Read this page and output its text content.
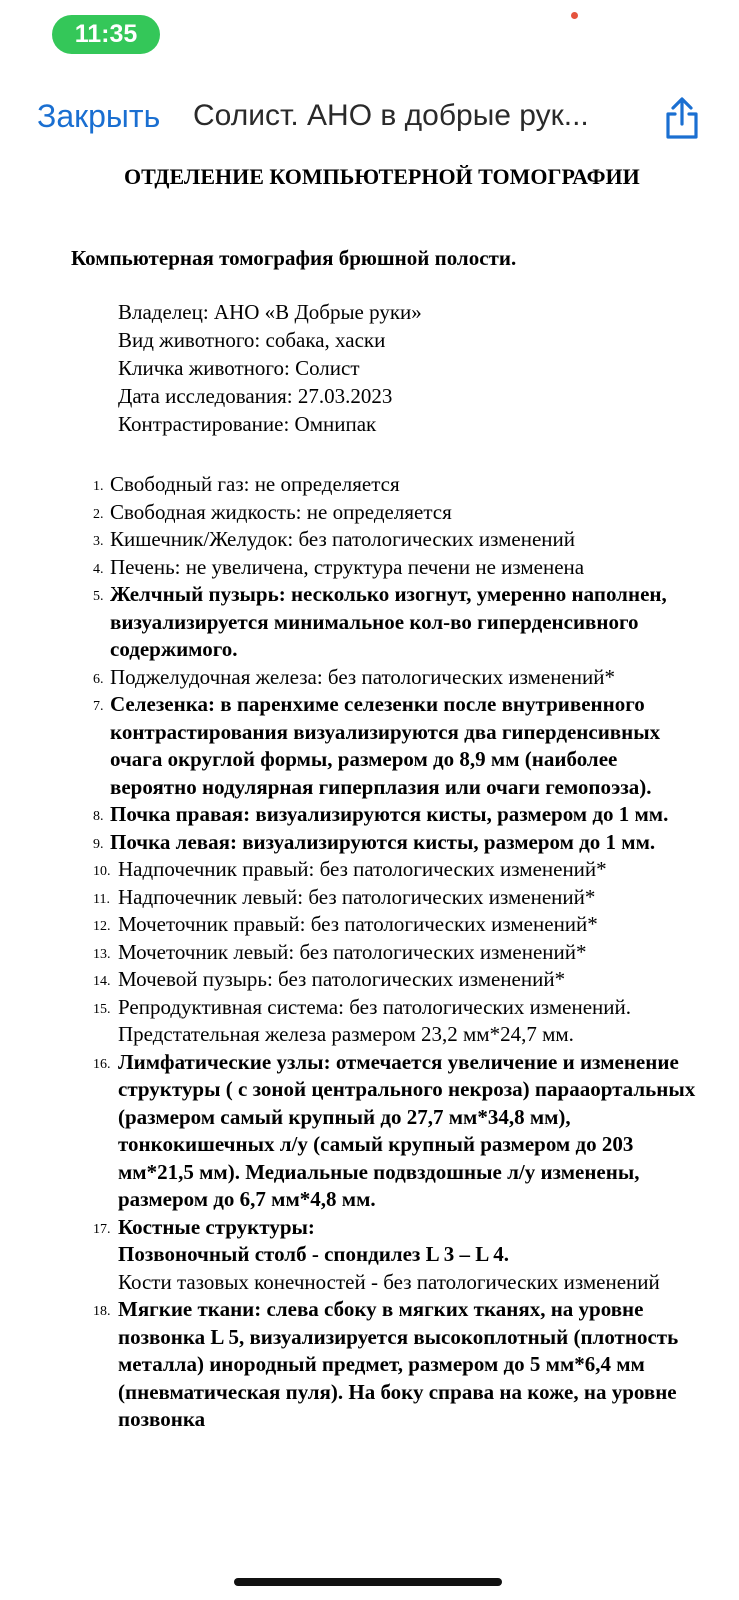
11:35
Закрыть Солист. АНО в добрые рук...
ОТДЕЛЕНИЕ КОМПЬЮТЕРНОЙ ТОМОГРАФИИ
Компьютерная томография брюшной полости.
Владелец: АНО «В Добрые руки»
Вид животного: собака, хаски
Кличка животного: Солист
Дата исследования: 27.03.2023
Контрастирование: Омнипак
1. Свободный газ: не определяется
2. Свободная жидкость: не определяется
3. Кишечник/Желудок: без патологических изменений
4. Печень: не увеличена, структура печени не изменена
5. Желчный пузырь: несколько изогнут, умеренно наполнен, визуализируется минимальное кол-во гиперденсивного содержимого.
6. Поджелудочная железа: без патологических изменений*
7. Селезенка: в паренхиме селезенки после внутривенного контрастирования визуализируются два гиперденсивных очага округлой формы, размером до 8,9 мм (наиболее вероятно нодулярная гиперплазия или очаги гемопоэза).
8. Почка правая: визуализируются кисты, размером до 1 мм.
9. Почка левая: визуализируются кисты, размером до 1 мм.
10. Надпочечник правый: без патологических изменений*
11. Надпочечник левый: без патологических изменений*
12. Мочеточник правый: без патологических изменений*
13. Мочеточник левый: без патологических изменений*
14. Мочевой пузырь: без патологических изменений*
15. Репродуктивная система: без патологических изменений. Предстательная железа размером 23,2 мм*24,7 мм.
16. Лимфатические узлы: отмечается увеличение и изменение структуры ( с зоной центрального некроза) парааортальных (размером самый крупный до 27,7 мм*34,8 мм), тонкокишечных л/у (самый крупный размером до 203 мм*21,5 мм). Медиальные подвздошные л/у изменены, размером до 6,7 мм*4,8 мм.
17. Костные структуры:
Позвоночный столб - спондилез L 3 – L 4.
Кости тазовых конечностей - без патологических изменений
18. Мягкие ткани: слева сбоку в мягких тканях, на уровне позвонка L 5, визуализируется высокоплотный (плотность металла) инородный предмет, размером до 5 мм*6,4 мм (пневматическая пуля). На боку справа на коже, на уровне позвонка
